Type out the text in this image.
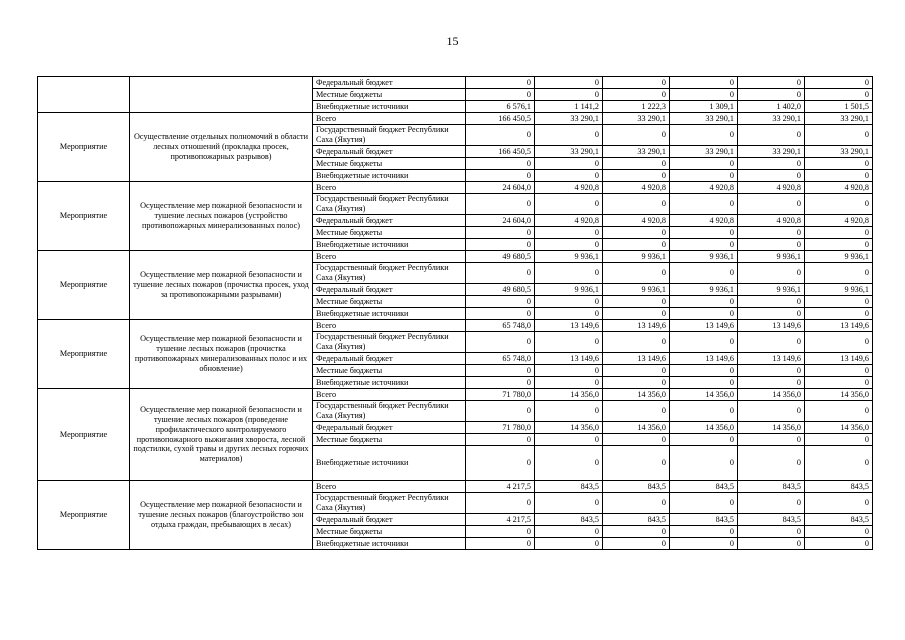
15
		Федеральный бюджет	0	0	0	0	0	0
		Местные бюджеты	0	0	0	0	0	0
		Внебюджетные источники	6 576,1	1 141,2	1 222,3	1 309,1	1 402,0	1 501,5
Мероприятие	Осуществление отдельных полномочий в области лесных отношений (прокладка просек, противопожарных разрывов)	Всего	166 450,5	33 290,1	33 290,1	33 290,1	33 290,1	33 290,1
		Государственный бюджет Республики Саха (Якутия)	0	0	0	0	0	0
		Федеральный бюджет	166 450,5	33 290,1	33 290,1	33 290,1	33 290,1	33 290,1
		Местные бюджеты	0	0	0	0	0	0
		Внебюджетные источники	0	0	0	0	0	0
Мероприятие	Осуществление мер пожарной безопасности и тушение лесных пожаров (устройство противопожарных минерализованных полос)	Всего	24 604,0	4 920,8	4 920,8	4 920,8	4 920,8	4 920,8
		Государственный бюджет Республики Саха (Якутия)	0	0	0	0	0	0
		Федеральный бюджет	24 604,0	4 920,8	4 920,8	4 920,8	4 920,8	4 920,8
		Местные бюджеты	0	0	0	0	0	0
		Внебюджетные источники	0	0	0	0	0	0
Мероприятие	Осуществление мер пожарной безопасности и тушение лесных пожаров (прочистка просек, уход за противопожарными разрывами)	Всего	49 680,5	9 936,1	9 936,1	9 936,1	9 936,1	9 936,1
		Государственный бюджет Республики Саха (Якутия)	0	0	0	0	0	0
		Федеральный бюджет	49 680,5	9 936,1	9 936,1	9 936,1	9 936,1	9 936,1
		Местные бюджеты	0	0	0	0	0	0
		Внебюджетные источники	0	0	0	0	0	0
Мероприятие	Осуществление мер пожарной безопасности и тушение лесных пожаров (прочистка противопожарных минерализованных полос и их обновление)	Всего	65 748,0	13 149,6	13 149,6	13 149,6	13 149,6	13 149,6
		Государственный бюджет Республики Саха (Якутия)	0	0	0	0	0	0
		Федеральный бюджет	65 748,0	13 149,6	13 149,6	13 149,6	13 149,6	13 149,6
		Местные бюджеты	0	0	0	0	0	0
		Внебюджетные источники	0	0	0	0	0	0
Мероприятие	Осуществление мер пожарной безопасности и тушение лесных пожаров (проведение профилактического контролируемого противопожарного выжигания хвороста, лесной подстилки, сухой травы и других лесных горючих материалов)	Всего	71 780,0	14 356,0	14 356,0	14 356,0	14 356,0	14 356,0
		Государственный бюджет Республики Саха (Якутия)	0	0	0	0	0	0
		Федеральный бюджет	71 780,0	14 356,0	14 356,0	14 356,0	14 356,0	14 356,0
		Местные бюджеты	0	0	0	0	0	0
		Внебюджетные источники	0	0	0	0	0	0
Мероприятие	Осуществление мер пожарной безопасности и тушение лесных пожаров (благоустройство зон отдыха граждан, пребывающих в лесах)	Всего	4 217,5	843,5	843,5	843,5	843,5	843,5
		Государственный бюджет Республики Саха (Якутия)	0	0	0	0	0	0
		Федеральный бюджет	4 217,5	843,5	843,5	843,5	843,5	843,5
		Местные бюджеты	0	0	0	0	0	0
		Внебюджетные источники	0	0	0	0	0	0
